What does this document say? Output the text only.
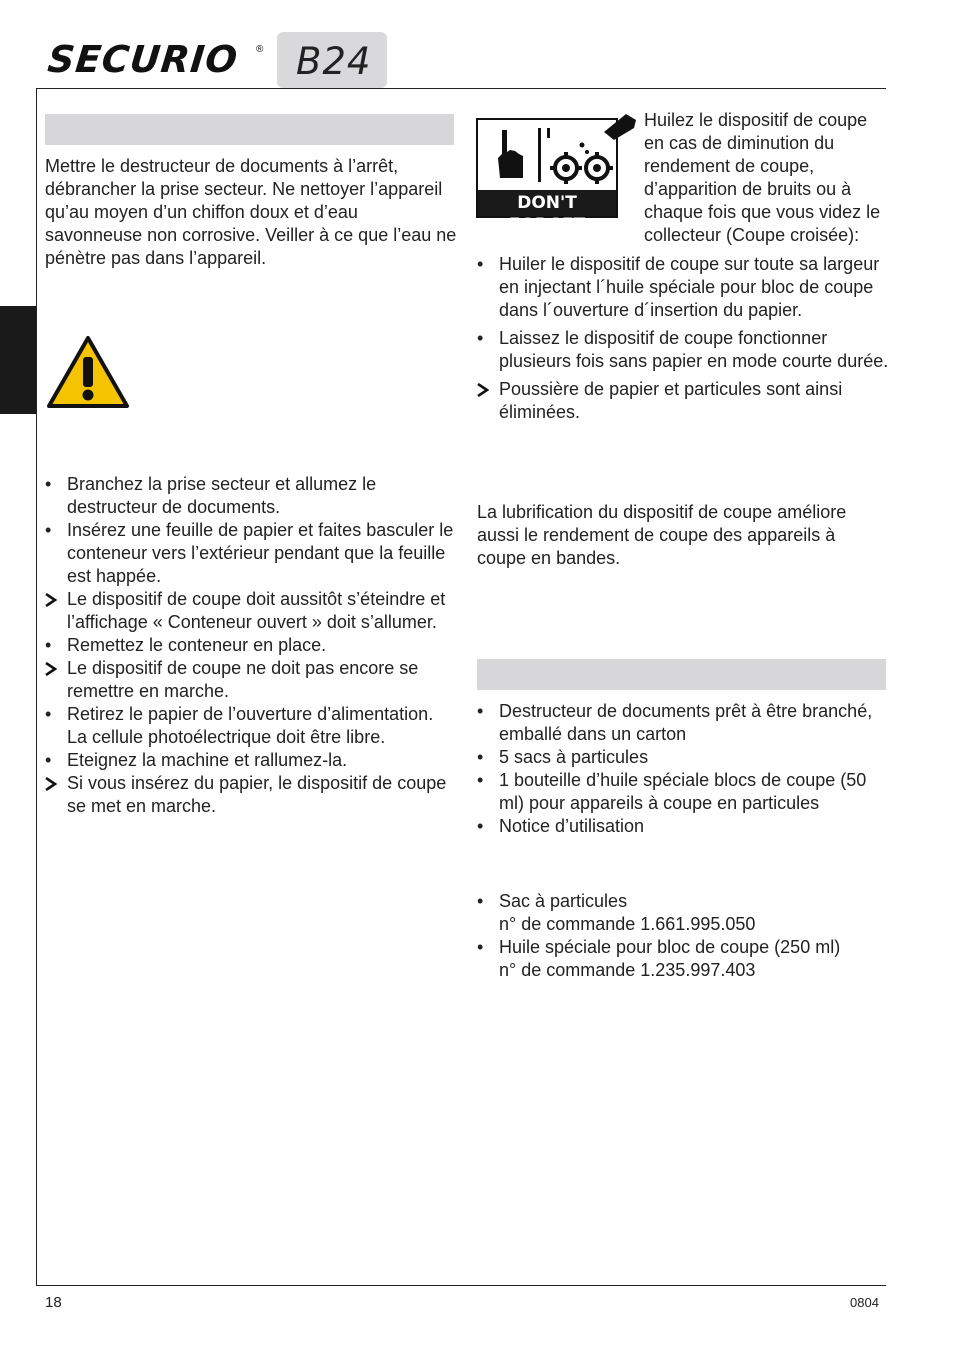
SECURIO ® B24

Mettre le destructeur de documents à l’arrêt, débrancher la prise secteur. Ne nettoyer l’appareil qu’au moyen d’un chiffon doux et d’eau savonneuse non corrosive. Veiller à ce que l’eau ne pénètre pas dans l’appareil.

• Branchez la prise secteur et allumez le destructeur de documents.
• Insérez une feuille de papier et faites basculer le conteneur vers l’extérieur pendant que la feuille est happée.
Le dispositif de coupe doit aussitôt s’éteindre et l’affichage « Conteneur ouvert » doit s’allumer.
• Remettez le conteneur en place.
Le dispositif de coupe ne doit pas encore se remettre en marche.
• Retirez le papier de l’ouverture d’alimentation. La cellule photoélectrique doit être libre.
• Eteignez la machine et rallumez-la.
Si vous insérez du papier, le dispositif de coupe se met en marche.
DON'T FORGET

Huilez le dispositif de coupe en cas de diminution du rendement de coupe, d’apparition de bruits ou à chaque fois que vous videz le collecteur (Coupe croisée):

• Huiler le dispositif de coupe sur toute sa largeur en injectant l´huile spéciale pour bloc de coupe dans l´ouverture d´insertion du papier.
• Laissez le dispositif de coupe fonctionner plusieurs fois sans papier en mode courte durée.
Poussière de papier et particules sont ainsi éliminées.

La lubrification du dispositif de coupe améliore aussi le rendement de coupe des appareils à coupe en bandes.

• Destructeur de documents prêt à être branché, emballé dans un carton
• 5 sacs à particules
• 1 bouteille d’huile spéciale blocs de coupe (50 ml) pour appareils à coupe en particules
• Notice d’utilisation
• Sac à particules
n° de commande 1.661.995.050
• Huile spéciale pour bloc de coupe (250 ml)
n° de commande 1.235.997.403
18	0804
